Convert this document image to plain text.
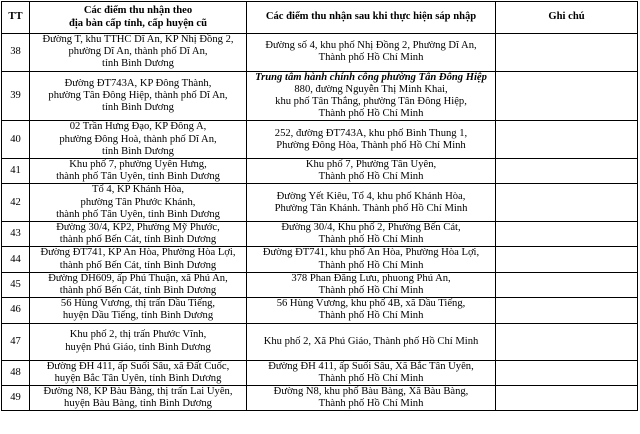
TT	Các điểm thu nhận theo
địa bàn cấp tỉnh, cấp huyện cũ	Các điểm thu nhận sau khi thực hiện sáp nhập	Ghi chú
38	Đường T, khu TTHC Dĩ An, KP Nhị Đồng 2,
phường Dĩ An, thành phố Dĩ An,
tỉnh Bình Dương	Đường số 4, khu phố Nhị Đồng 2, Phường Dĩ An,
Thành phố Hồ Chí Minh	

39	Đường ĐT743A, KP Đông Thành,
phường Tân Đông Hiệp, thành phố Dĩ An,
tỉnh Bình Dương	Trung tâm hành chính công phường Tân Đông Hiệp
880, đường Nguyễn Thị Minh Khai,
khu phố Tân Thắng, phường Tân Đông Hiệp,
Thành phố Hồ Chí Minh	

40	02 Trần Hưng Đạo, KP Đông A,
phường Đông Hoà, thành phố Dĩ An,
tỉnh Bình Dương	252, đường ĐT743A, khu phố Bình Thung 1,
Phường Đông Hòa, Thành phố Hồ Chí Minh	

41	Khu phố 7, phường Uyên Hưng,
thành phố Tân Uyên, tỉnh Bình Dương	Khu phố 7, Phường Tân Uyên,
Thành phố Hồ Chí Minh	

42	Tổ 4, KP Khánh Hòa,
phường Tân Phước Khánh,
thành phố Tân Uyên, tỉnh Bình Dương	Đường Yết Kiêu, Tổ 4, khu phố Khánh Hòa,
Phường Tân Khánh. Thành phố Hồ Chí Minh	

43	Đường 30/4, KP2, Phường Mỹ Phước,
thành phố Bến Cát, tỉnh Bình Dương	Đường 30/4, Khu phố 2, Phường Bến Cát,
Thành phố Hồ Chí Minh	

44	Đường ĐT741, KP An Hòa, Phường Hòa Lợi,
thành phố Bến Cát, tỉnh Bình Dương	Đường ĐT741, khu phố An Hòa, Phường Hòa Lợi,
Thành phố Hồ Chí Minh	

45	Đường DH609, ấp Phú Thuận, xã Phú An,
thành phố Bến Cát, tỉnh Bình Dương	378 Phan Đăng Lưu, phuong Phú An,
Thành phố Hồ Chí Minh	

46	56 Hùng Vương, thị trấn Dầu Tiếng,
huyện Dầu Tiếng, tỉnh Bình Dương	56 Hùng Vương, khu phố 4B, xã Dầu Tiếng,
Thành phố Hồ Chí Minh	

47	Khu phố 2, thị trấn Phước Vĩnh,
huyện Phú Giáo, tỉnh Bình Dương	Khu phố 2, Xã Phú Giáo, Thành phố Hồ Chí Minh	

48	Đường ĐH 411, ấp Suối Sâu, xã Đất Cuốc,
huyện Bắc Tân Uyên, tỉnh Bình Dương	Đường ĐH 411, ấp Suối Sâu, Xã Bắc Tân Uyên,
Thành phố Hồ Chí Minh	

49	Đường N8, KP Bàu Bàng, thị trấn Lai Uyên,
huyện Bàu Bàng, tỉnh Bình Dương	Đường N8, khu phố Bàu Bàng, Xã Bàu Bàng,
Thành phố Hồ Chí Minh	
